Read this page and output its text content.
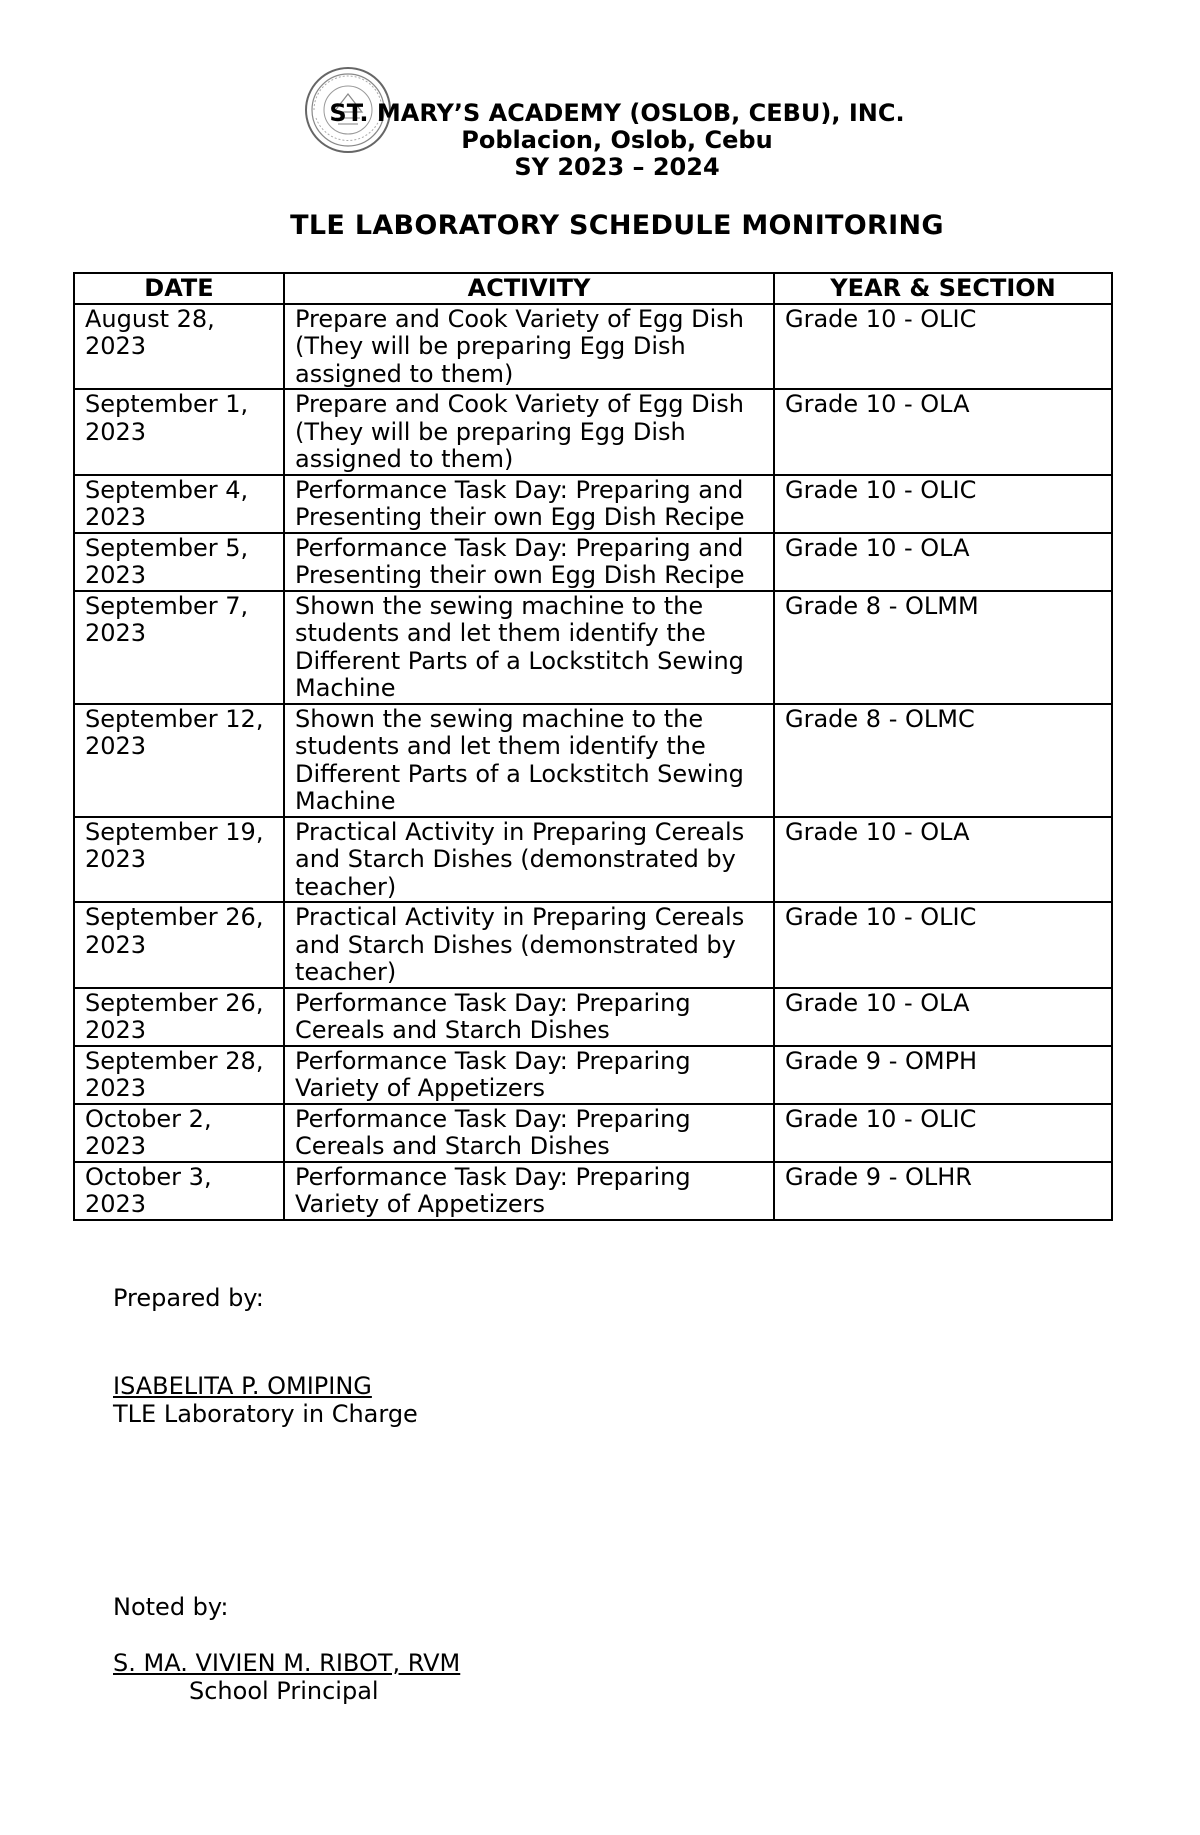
ST. MARY’S ACADEMY (OSLOB, CEBU), INC.
Poblacion, Oslob, Cebu
SY 2023 – 2024
TLE LABORATORY SCHEDULE MONITORING
DATE	ACTIVITY	YEAR & SECTION
August 28, 2023	Prepare and Cook Variety of Egg Dish (They will be preparing Egg Dish assigned to them)	Grade 10 - OLIC
September 1, 2023	Prepare and Cook Variety of Egg Dish (They will be preparing Egg Dish assigned to them)	Grade 10 - OLA
September 4, 2023	Performance Task Day: Preparing and Presenting their own Egg Dish Recipe	Grade 10 - OLIC
September 5, 2023	Performance Task Day: Preparing and Presenting their own Egg Dish Recipe	Grade 10 - OLA
September 7, 2023	Shown the sewing machine to the students and let them identify the Different Parts of a Lockstitch Sewing Machine	Grade 8 - OLMM
September 12, 2023	Shown the sewing machine to the students and let them identify the Different Parts of a Lockstitch Sewing Machine	Grade 8 - OLMC
September 19, 2023	Practical Activity in Preparing Cereals and Starch Dishes (demonstrated by teacher)	Grade 10 - OLA
September 26, 2023	Practical Activity in Preparing Cereals and Starch Dishes (demonstrated by teacher)	Grade 10 - OLIC
September 26, 2023	Performance Task Day: Preparing Cereals and Starch Dishes	Grade 10 - OLA
September 28, 2023	Performance Task Day: Preparing Variety of Appetizers	Grade 9 - OMPH
October 2, 2023	Performance Task Day: Preparing Cereals and Starch Dishes	Grade 10 - OLIC
October 3, 2023	Performance Task Day: Preparing Variety of Appetizers	Grade 9 - OLHR
Prepared by:
ISABELITA P. OMIPING
TLE Laboratory in Charge
Noted by:
S. MA. VIVIEN M. RIBOT, RVM
School Principal
